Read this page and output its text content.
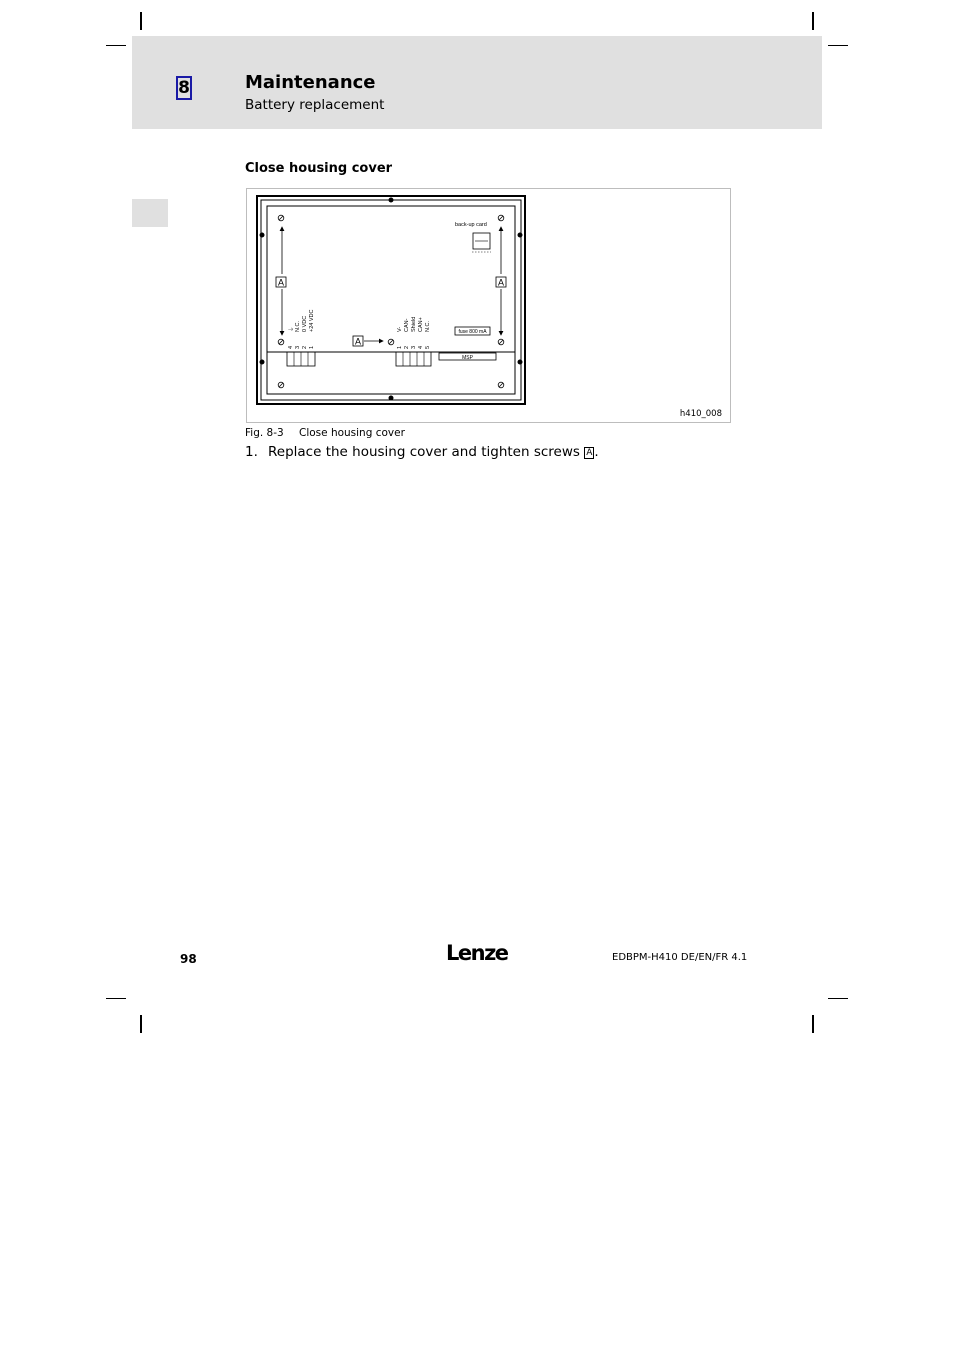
8	Maintenance
Battery replacement
Close housing cover
A	A
A
back-up card
fuse 800 mA
MSP
4 3 2 1
N.C.
⏚ 0 VDC +24 VDC
1 2 3 4 5
V- CAN- Shield CAN+ N.C.
h410_008
Fig. 8-3 Close housing cover
1. Replace the housing cover and tighten screws A .
98	Lenze	EDBPM-H410 DE/EN/FR 4.1
